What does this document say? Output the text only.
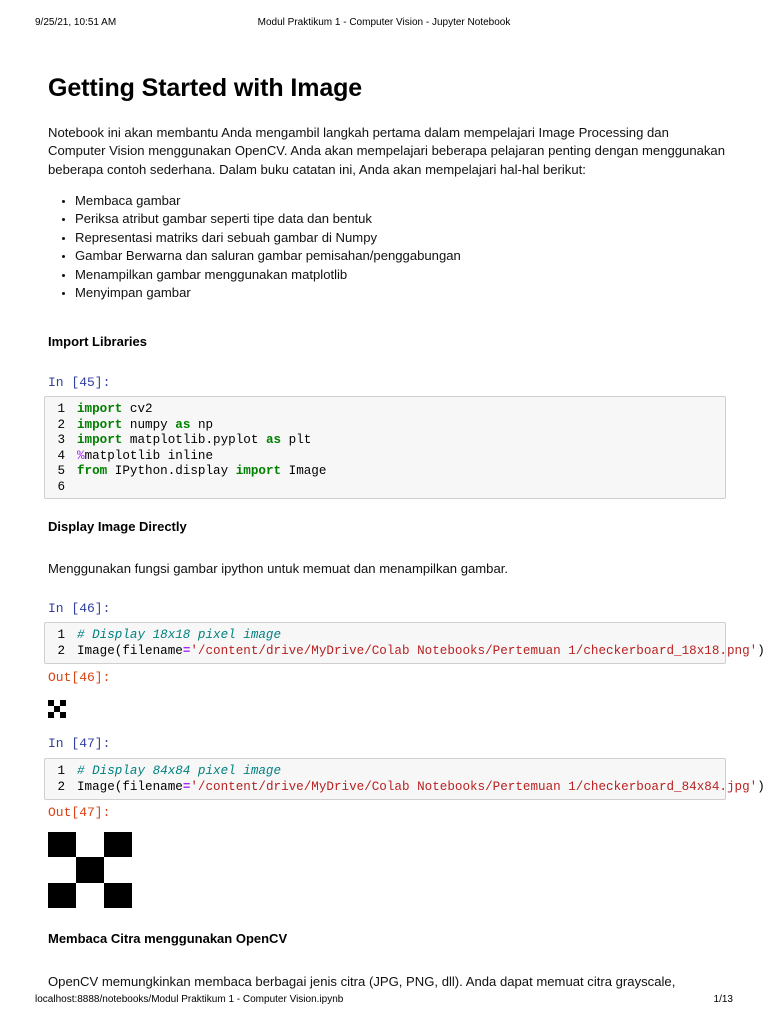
9/25/21, 10:51 AM	Modul Praktikum 1 - Computer Vision - Jupyter Notebook
Getting Started with Image

Notebook ini akan membantu Anda mengambil langkah pertama dalam mempelajari Image Processing dan Computer Vision menggunakan OpenCV. Anda akan mempelajari beberapa pelajaran penting dengan menggunakan beberapa contoh sederhana. Dalam buku catatan ini, Anda akan mempelajari hal-hal berikut:

• Membaca gambar
• Periksa atribut gambar seperti tipe data dan bentuk
• Representasi matriks dari sebuah gambar di Numpy
• Gambar Berwarna dan saluran gambar pemisahan/penggabungan
• Menampilkan gambar menggunakan matplotlib
• Menyimpan gambar
Import Libraries
In [45]:
1 import cv2
2 import numpy as np
3 import matplotlib.pyplot as plt
4 %matplotlib inline
5 from IPython.display import Image
6
Display Image Directly
Menggunakan fungsi gambar ipython untuk memuat dan menampilkan gambar.
In [46]:
1 # Display 18x18 pixel image
2 Image(filename='/content/drive/MyDrive/Colab Notebooks/Pertemuan 1/checkerboard_18x18.png')
Out[46]:
In [47]:
1 # Display 84x84 pixel image
2 Image(filename='/content/drive/MyDrive/Colab Notebooks/Pertemuan 1/checkerboard_84x84.jpg')
Out[47]:
Membaca Citra menggunakan OpenCV
OpenCV memungkinkan membaca berbagai jenis citra (JPG, PNG, dll). Anda dapat memuat citra grayscale,
localhost:8888/notebooks/Modul Praktikum 1 - Computer Vision.ipynb	1/13
